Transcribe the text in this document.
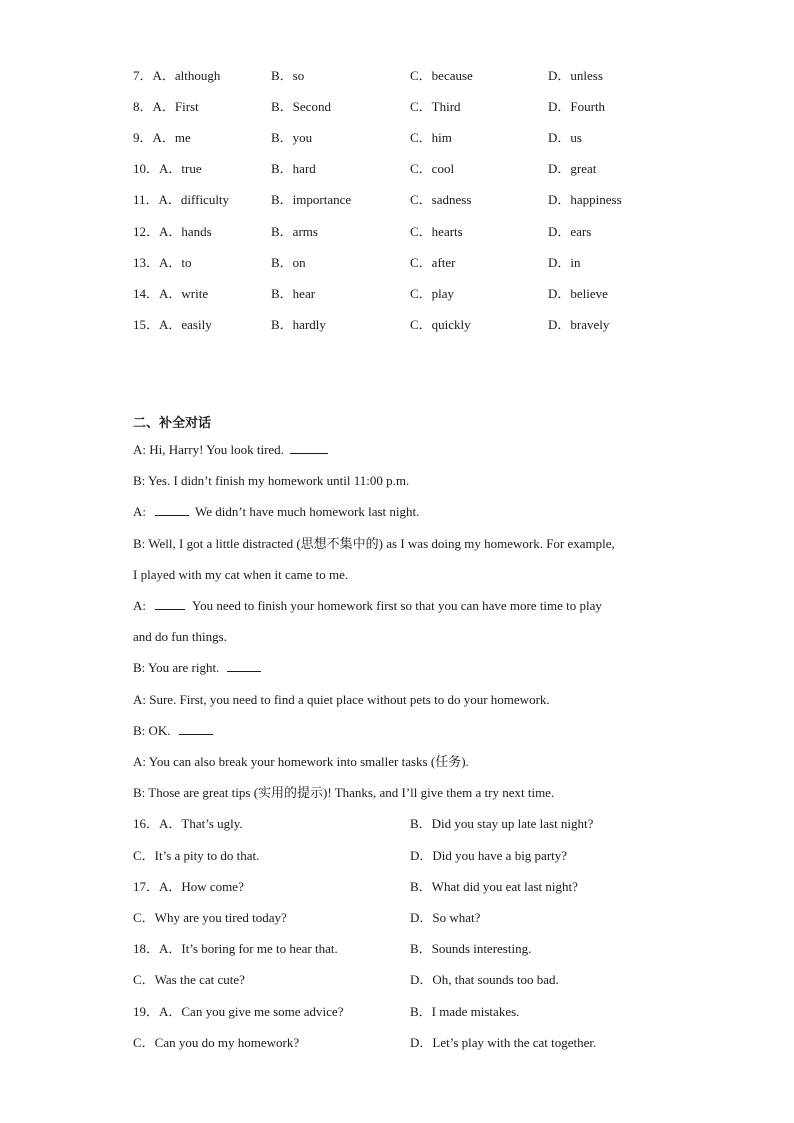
7．A．although	B．so	C．because	D．unless
8．A．First	B．Second	C．Third	D．Fourth
9．A．me	B．you	C．him	D．us
10．A．true	B．hard	C．cool	D．great
11．A．difficulty	B．importance	C．sadness	D．happiness
12．A．hands	B．arms	C．hearts	D．ears
13．A．to	B．on	C．after	D．in
14．A．write	B．hear	C．play	D．believe
15．A．easily	B．hardly	C．quickly	D．bravely
二、补全对话
A: Hi, Harry! You look tired.
B: Yes. I didn’t finish my homework until 11:00 p.m.
A:	We didn’t have much homework last night.
B: Well, I got a little distracted (思想不集中的) as I was doing my homework. For example,
I played with my cat when it came to me.
A:	You need to finish your homework first so that you can have more time to play
and do fun things.
B: You are right.
A: Sure. First, you need to find a quiet place without pets to do your homework.
B: OK.
A: You can also break your homework into smaller tasks (任务).
B: Those are great tips (实用的提示)! Thanks, and I’ll give them a try next time.
16．A．That’s ugly.	B．Did you stay up late last night?
C．It’s a pity to do that.	D．Did you have a big party?
17．A．How come?	B．What did you eat last night?
C．Why are you tired today?	D．So what?
18．A．It’s boring for me to hear that.	B．Sounds interesting.
C．Was the cat cute?	D．Oh, that sounds too bad.
19．A．Can you give me some advice?	B．I made mistakes.
C．Can you do my homework?	D．Let’s play with the cat together.
